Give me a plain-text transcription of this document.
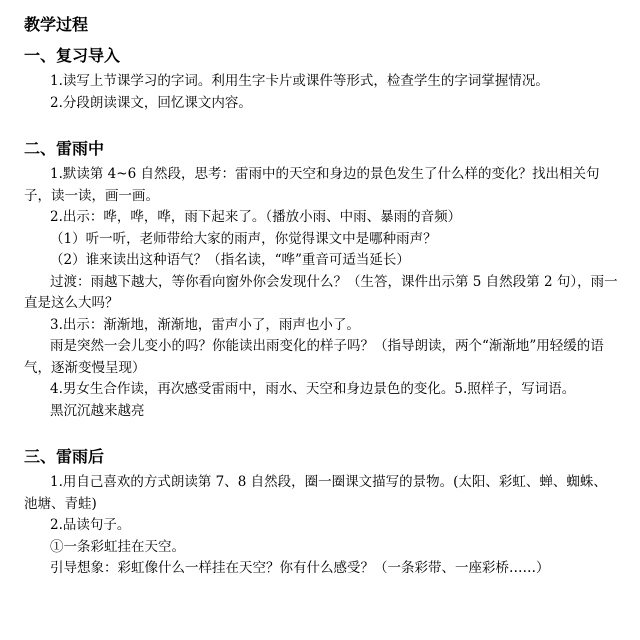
教学过程
一、复习导入

1.读写上节课学习的字词。利用生字卡片或课件等形式，检查学生的字词掌握情况。

2.分段朗读课文，回忆课文内容。

二、雷雨中

1.默读第 4~6 自然段，思考：雷雨中的天空和身边的景色发生了什么样的变化？找出相关句子，读一读，画一画。

2.出示：哗，哗，哗，雨下起来了。（播放小雨、中雨、暴雨的音频）

（1）听一听，老师带给大家的雨声，你觉得课文中是哪种雨声？

（2）谁来读出这种语气？（指名读，“哗”重音可适当延长）

过渡：雨越下越大，等你看向窗外你会发现什么？（生答，课件出示第 5 自然段第 2 句），雨一直是这么大吗？

3.出示：渐渐地，渐渐地，雷声小了，雨声也小了。

雨是突然一会儿变小的吗？你能读出雨变化的样子吗？（指导朗读，两个“渐渐地”用轻缓的语气，逐渐变慢呈现）

4.男女生合作读，再次感受雷雨中，雨水、天空和身边景色的变化。5.照样子，写词语。

黑沉沉越来越亮

三、雷雨后

1.用自己喜欢的方式朗读第 7、8 自然段，圈一圈课文描写的景物。(太阳、彩虹、蝉、蜘蛛、池塘、青蛙)

2.品读句子。

①一条彩虹挂在天空。

引导想象：彩虹像什么一样挂在天空？你有什么感受？（一条彩带、一座彩桥……）
